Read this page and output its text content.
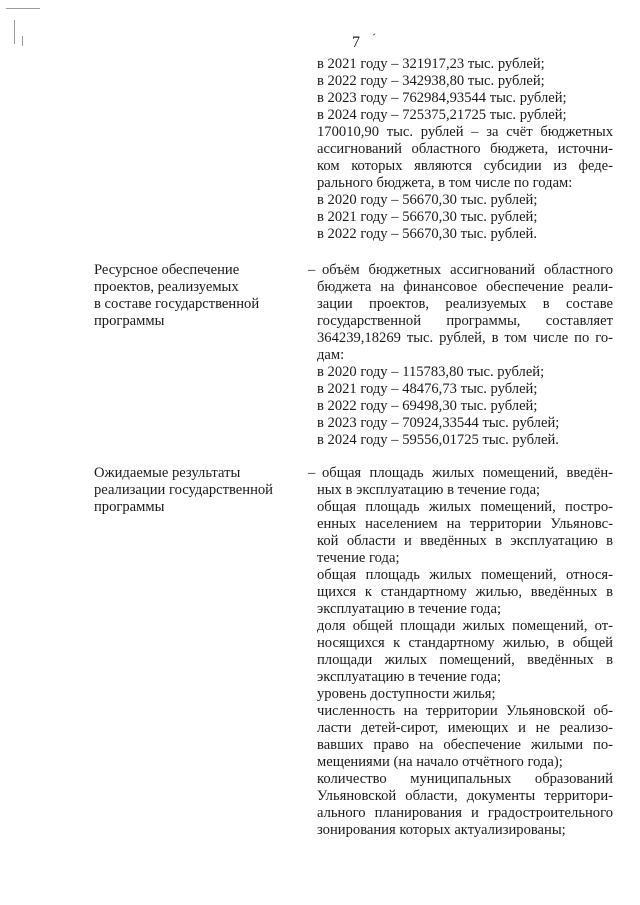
7 ´
в 2021 году – 321917,23 тыс. рублей;
в 2022 году – 342938,80 тыс. рублей;
в 2023 году – 762984,93544 тыс. рублей;
в 2024 году – 725375,21725 тыс. рублей;
170010,90 тыс. рублей – за счёт бюджетных
ассигнований областного бюджета, источни-
ком которых являются субсидии из феде-
рального бюджета, в том числе по годам:
в 2020 году – 56670,30 тыс. рублей;
в 2021 году – 56670,30 тыс. рублей;
в 2022 году – 56670,30 тыс. рублей.
Ресурсное обеспечение
проектов, реализуемых
в составе государственной
программы
– объём бюджетных ассигнований областного
бюджета на финансовое обеспечение реали-
зации проектов, реализуемых в составе
государственной программы, составляет
364239,18269 тыс. рублей, в том числе по го-
дам:
в 2020 году – 115783,80 тыс. рублей;
в 2021 году – 48476,73 тыс. рублей;
в 2022 году – 69498,30 тыс. рублей;
в 2023 году – 70924,33544 тыс. рублей;
в 2024 году – 59556,01725 тыс. рублей.
Ожидаемые результаты
реализации государственной
программы
– общая площадь жилых помещений, введён-
ных в эксплуатацию в течение года;
общая площадь жилых помещений, постро-
енных населением на территории Ульяновс-
кой области и введённых в эксплуатацию в
течение года;
общая площадь жилых помещений, относя-
щихся к стандартному жилью, введённых в
эксплуатацию в течение года;
доля общей площади жилых помещений, от-
носящихся к стандартному жилью, в общей
площади жилых помещений, введённых в
эксплуатацию в течение года;
уровень доступности жилья;
численность на территории Ульяновской об-
ласти детей-сирот, имеющих и не реализо-
вавших право на обеспечение жилыми по-
мещениями (на начало отчётного года);
количество муниципальных образований
Ульяновской области, документы территори-
ального планирования и градостроительного
зонирования которых актуализированы;
